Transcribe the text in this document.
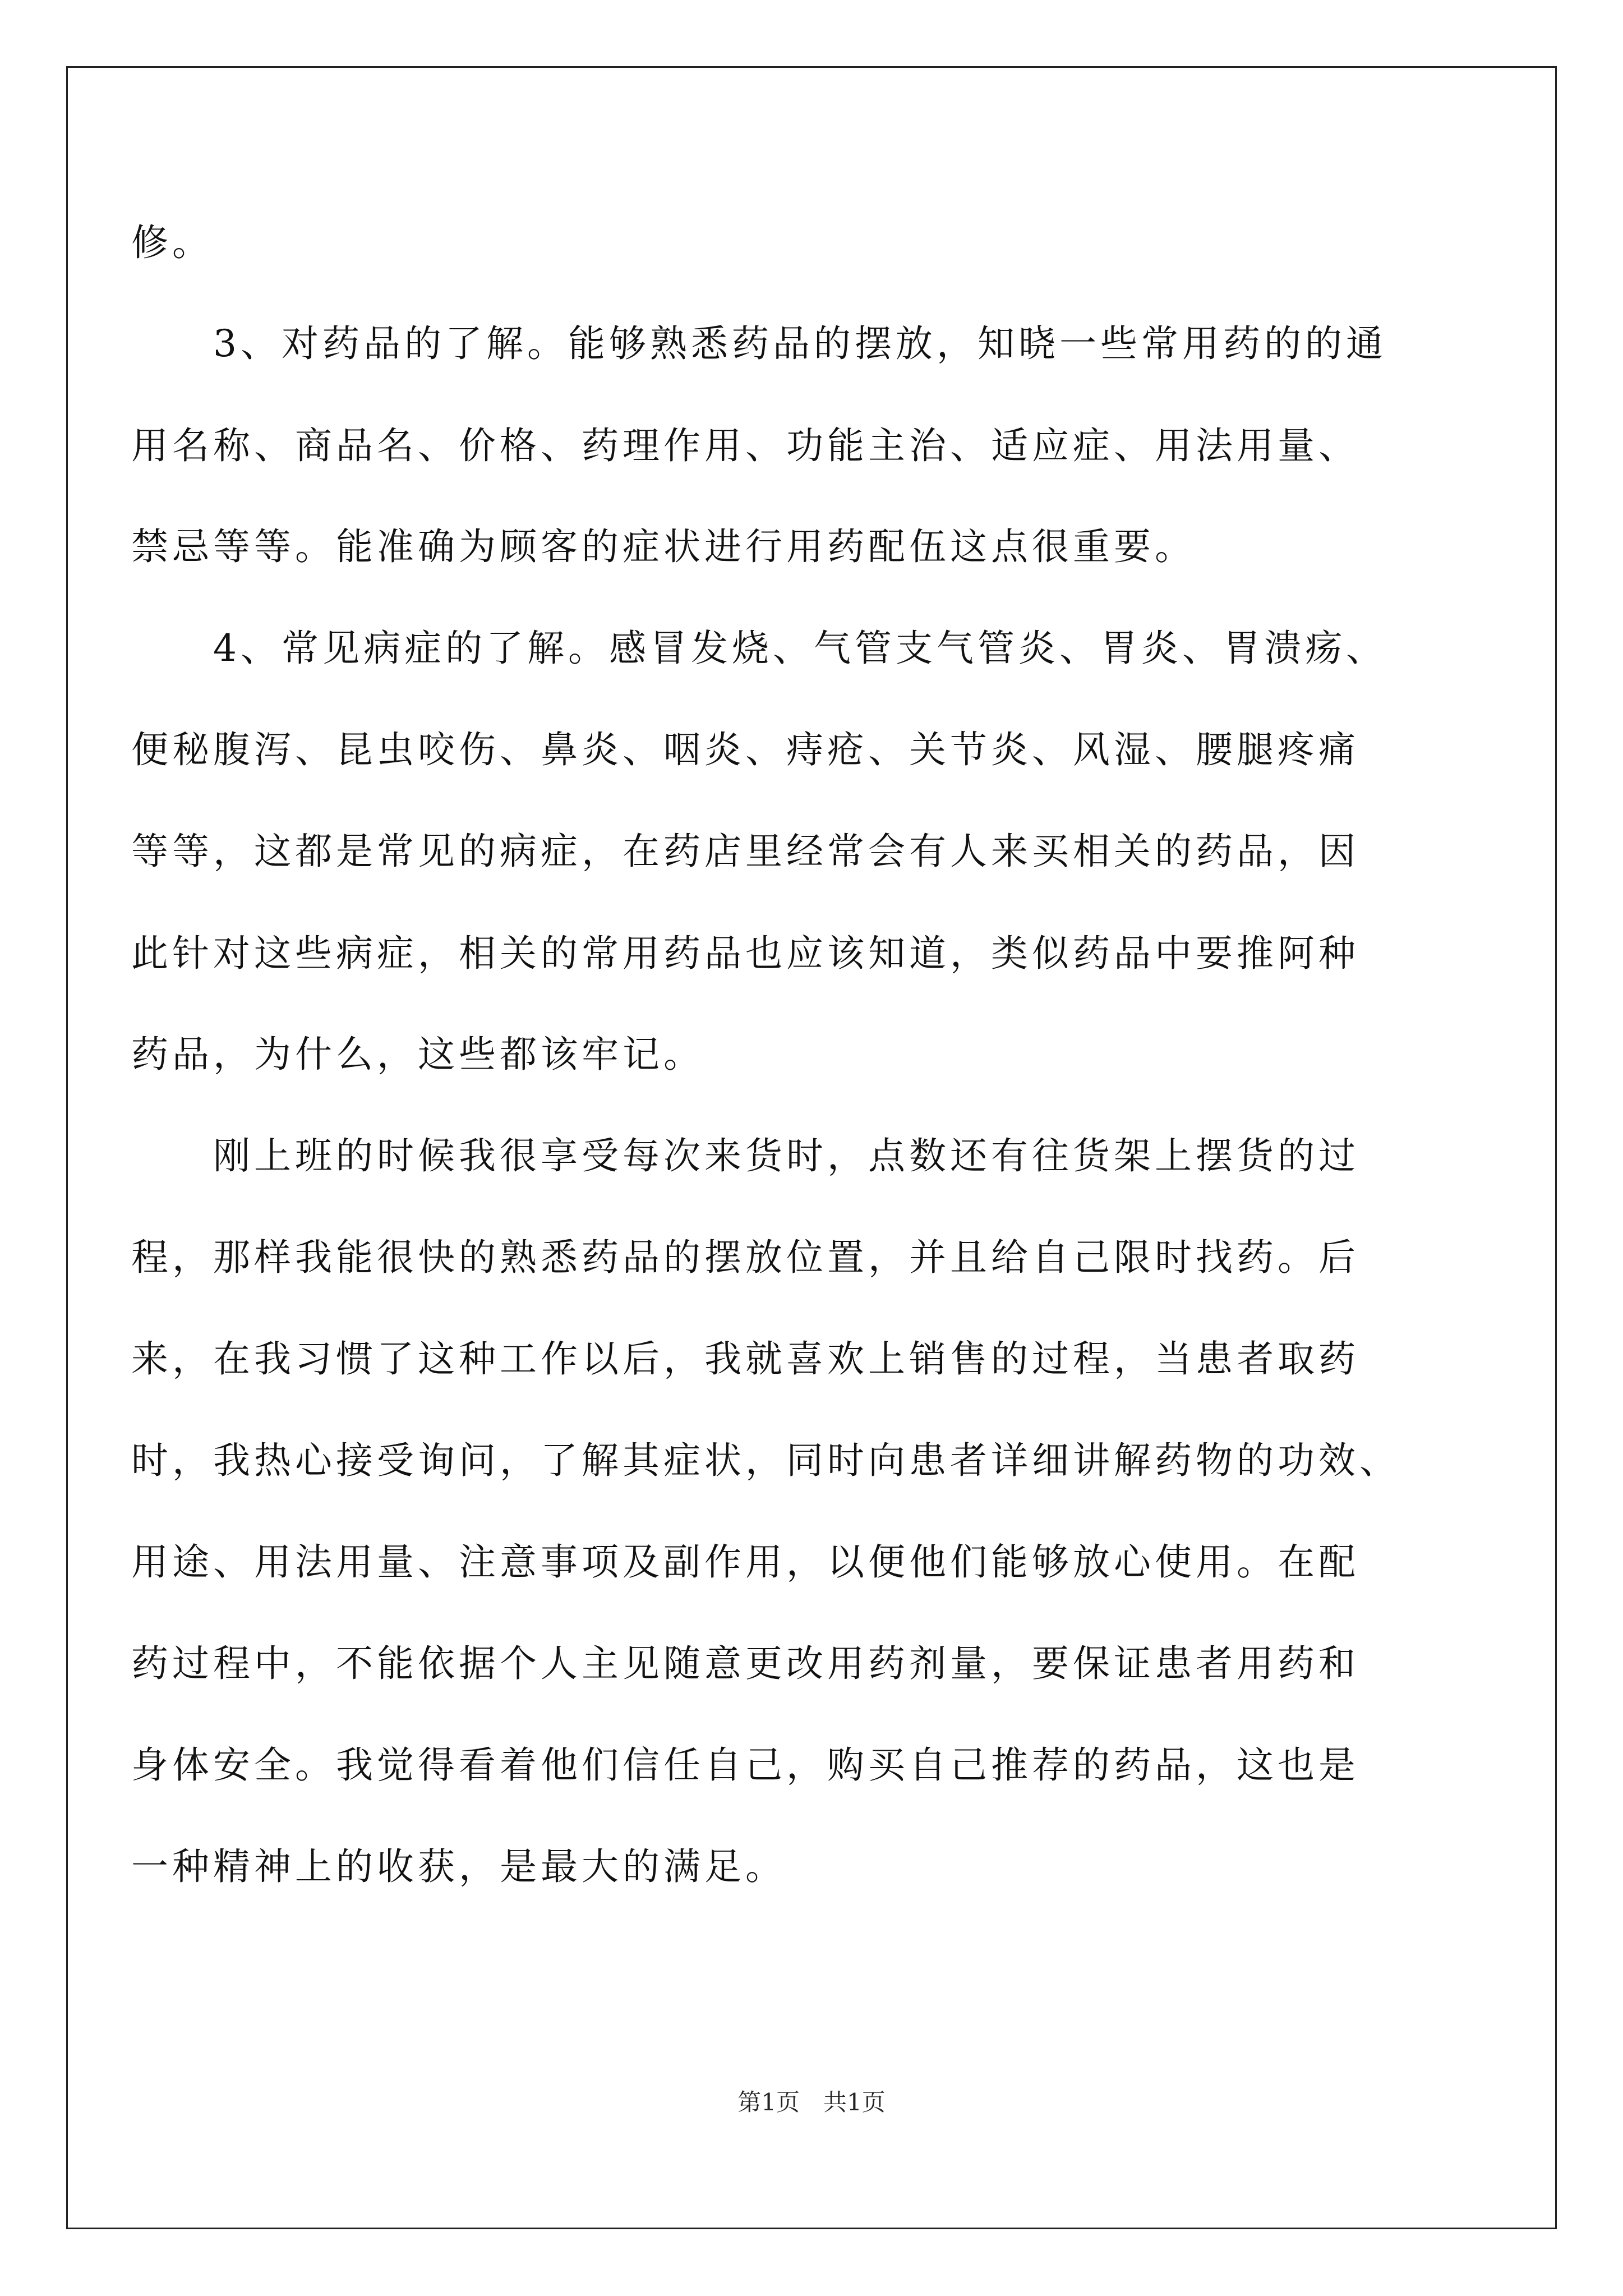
修。
　　3、对药品的了解。能够熟悉药品的摆放，知晓一些常用药的的通
用名称、商品名、价格、药理作用、功能主治、适应症、用法用量、
禁忌等等。能准确为顾客的症状进行用药配伍这点很重要。
　　4、常见病症的了解。感冒发烧、气管支气管炎、胃炎、胃溃疡、
便秘腹泻、昆虫咬伤、鼻炎、咽炎、痔疮、关节炎、风湿、腰腿疼痛
等等，这都是常见的病症，在药店里经常会有人来买相关的药品，因
此针对这些病症，相关的常用药品也应该知道，类似药品中要推阿种
药品，为什么，这些都该牢记。
　　刚上班的时候我很享受每次来货时，点数还有往货架上摆货的过
程，那样我能很快的熟悉药品的摆放位置，并且给自己限时找药。后
来，在我习惯了这种工作以后，我就喜欢上销售的过程，当患者取药
时，我热心接受询问，了解其症状，同时向患者详细讲解药物的功效、
用途、用法用量、注意事项及副作用，以便他们能够放心使用。在配
药过程中，不能依据个人主见随意更改用药剂量，要保证患者用药和
身体安全。我觉得看着他们信任自己，购买自己推荐的药品，这也是
一种精神上的收获，是最大的满足。
第1页　共1页
